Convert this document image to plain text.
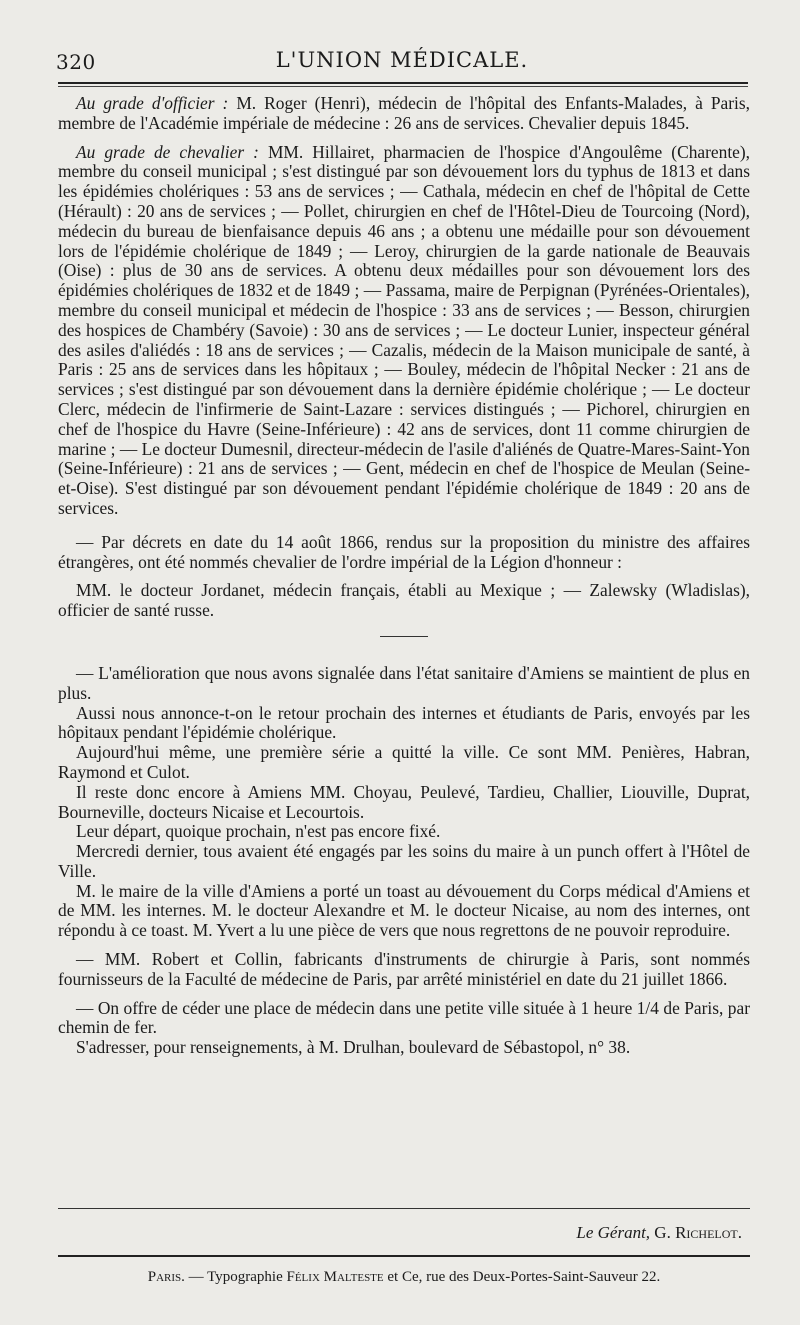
320	L'UNION MÉDICALE.

Au grade d'officier : M. Roger (Henri), médecin de l'hôpital des Enfants-Malades, à Paris, membre de l'Académie impériale de médecine : 26 ans de services. Chevalier depuis 1845.

Au grade de chevalier : MM. Hillairet, pharmacien de l'hospice d'Angoulême (Charente), membre du conseil municipal ; s'est distingué par son dévouement lors du typhus de 1813 et dans les épidémies cholériques : 53 ans de services ; — Cathala, médecin en chef de l'hôpital de Cette (Hérault) : 20 ans de services ; — Pollet, chirurgien en chef de l'Hôtel-Dieu de Tourcoing (Nord), médecin du bureau de bienfaisance depuis 46 ans ; a obtenu une médaille pour son dévouement lors de l'épidémie cholérique de 1849 ; — Leroy, chirurgien de la garde nationale de Beauvais (Oise) : plus de 30 ans de services. A obtenu deux médailles pour son dévouement lors des épidémies cholériques de 1832 et de 1849 ; — Passama, maire de Perpignan (Pyrénées-Orientales), membre du conseil municipal et médecin de l'hospice : 33 ans de services ; — Besson, chirurgien des hospices de Chambéry (Savoie) : 30 ans de services ; — Le docteur Lunier, inspecteur général des asiles d'aliédés : 18 ans de services ; — Cazalis, médecin de la Maison municipale de santé, à Paris : 25 ans de services dans les hôpitaux ; — Bouley, médecin de l'hôpital Necker : 21 ans de services ; s'est distingué par son dévouement dans la dernière épidémie cholérique ; — Le docteur Clerc, médecin de l'infirmerie de Saint-Lazare : services distingués ; — Pichorel, chirurgien en chef de l'hospice du Havre (Seine-Inférieure) : 42 ans de services, dont 11 comme chirurgien de marine ; — Le docteur Dumesnil, directeur-médecin de l'asile d'aliénés de Quatre-Mares-Saint-Yon (Seine-Inférieure) : 21 ans de services ; — Gent, médecin en chef de l'hospice de Meulan (Seine-et-Oise). S'est distingué par son dévouement pendant l'épidémie cholérique de 1849 : 20 ans de services.

— Par décrets en date du 14 août 1866, rendus sur la proposition du ministre des affaires étrangères, ont été nommés chevalier de l'ordre impérial de la Légion d'honneur :

MM. le docteur Jordanet, médecin français, établi au Mexique ; — Zalewsky (Wladislas), officier de santé russe.

— L'amélioration que nous avons signalée dans l'état sanitaire d'Amiens se maintient de plus en plus.

Aussi nous annonce-t-on le retour prochain des internes et étudiants de Paris, envoyés par les hôpitaux pendant l'épidémie cholérique.

Aujourd'hui même, une première série a quitté la ville. Ce sont MM. Penières, Habran, Raymond et Culot.

Il reste donc encore à Amiens MM. Choyau, Peulevé, Tardieu, Challier, Liouville, Duprat, Bourneville, docteurs Nicaise et Lecourtois.

Leur départ, quoique prochain, n'est pas encore fixé.

Mercredi dernier, tous avaient été engagés par les soins du maire à un punch offert à l'Hôtel de Ville.

M. le maire de la ville d'Amiens a porté un toast au dévouement du Corps médical d'Amiens et de MM. les internes. M. le docteur Alexandre et M. le docteur Nicaise, au nom des internes, ont répondu à ce toast. M. Yvert a lu une pièce de vers que nous regrettons de ne pouvoir reproduire.

— MM. Robert et Collin, fabricants d'instruments de chirurgie à Paris, sont nommés fournisseurs de la Faculté de médecine de Paris, par arrêté ministériel en date du 21 juillet 1866.

— On offre de céder une place de médecin dans une petite ville située à 1 heure 1/4 de Paris, par chemin de fer.

S'adresser, pour renseignements, à M. Drulhan, boulevard de Sébastopol, n° 38.

Le Gérant, G. Richelot.
Paris. — Typographie Félix Malteste et Ce, rue des Deux-Portes-Saint-Sauveur 22.
